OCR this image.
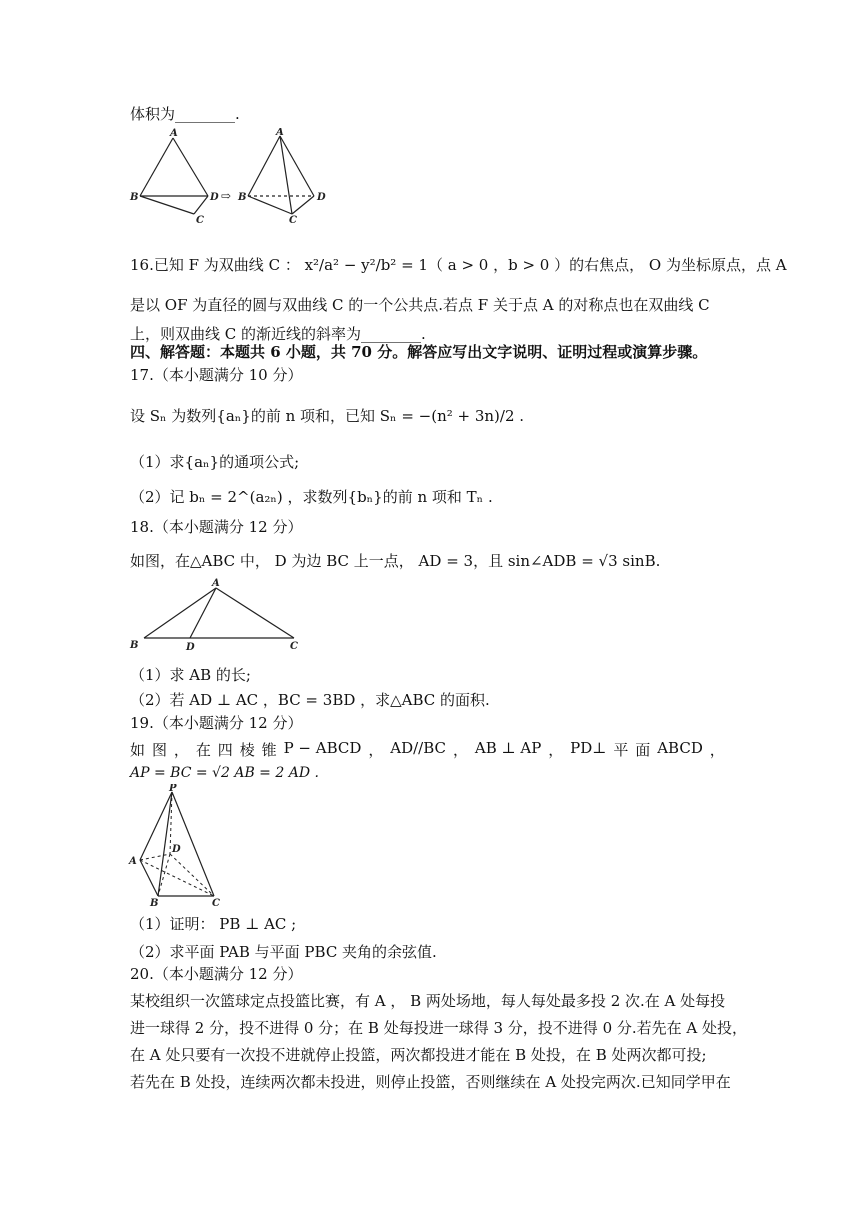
体积为________.
A
B	D
C
⇨
A
B	D
C
16.已知 F 为双曲线 C ： x²/a² − y²/b² = 1（ a > 0 ，b > 0 ）的右焦点， O 为坐标原点，点 A
是以 OF 为直径的圆与双曲线 C 的一个公共点.若点 F 关于点 A 的对称点也在双曲线 C
上，则双曲线 C 的渐近线的斜率为________.
四、解答题：本题共 6 小题，共 70 分。解答应写出文字说明、证明过程或演算步骤。
17.（本小题满分 10 分）
设 Sₙ 为数列{aₙ}的前 n 项和，已知 Sₙ = −(n² + 3n)/2 .
（1）求{aₙ}的通项公式;
（2）记 bₙ = 2^(a₂ₙ) ，求数列{bₙ}的前 n 项和 Tₙ .
18.（本小题满分 12 分）
如图，在△ABC 中， D 为边 BC 上一点， AD = 3，且 sin∠ADB = √3 sinB.
A
B	D	C
（1）求 AB 的长;
（2）若 AD ⊥ AC ，BC = 3BD ，求△ABC 的面积.
19.（本小题满分 12 分）
如 图 ， 在 四 棱 锥 P − ABCD ， AD//BC ， AB ⊥ AP ， PD⊥ 平 面 ABCD ，
AP = BC = √2 AB = 2 AD .
P
A
D
B	C
（1）证明： PB ⊥ AC ;
（2）求平面 PAB 与平面 PBC 夹角的余弦值.
20.（本小题满分 12 分）
某校组织一次篮球定点投篮比赛，有 A ， B 两处场地，每人每处最多投 2 次.在 A 处每投
进一球得 2 分，投不进得 0 分；在 B 处每投进一球得 3 分，投不进得 0 分.若先在 A 处投，
在 A 处只要有一次投不进就停止投篮，两次都投进才能在 B 处投，在 B 处两次都可投;
若先在 B 处投，连续两次都未投进，则停止投篮，否则继续在 A 处投完两次.已知同学甲在
